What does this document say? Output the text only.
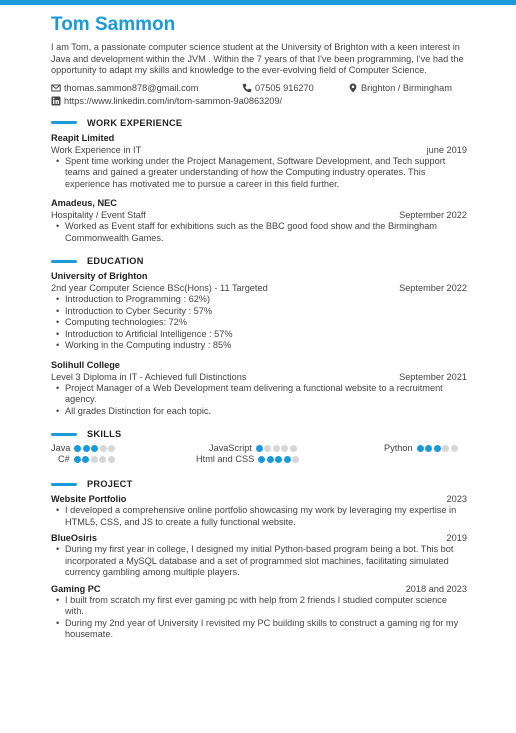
Tom Sammon
I am Tom, a passionate computer science student at the University of Brighton with a keen interest in Java and development within the JVM . Within the 7 years of that I've been programming, I've had the opportunity to adapt my skills and knowledge to the ever-evolving field of Computer Science.
thomas.sammon878@gmail.com	07505 916270	Brighton / Birmingham
https://www.linkedin.com/in/tom-sammon-9a0863209/
WORK EXPERIENCE
Reapit Limited
Work Experience in IT	june 2019
• Spent time working under the Project Management, Software Development, and Tech support teams and gained a greater understanding of how the Computing industry operates. This experience has motivated me to pursue a career in this field further.
Amadeus, NEC
Hospitality / Event Staff	September 2022
• Worked as Event staff for exhibitions such as the BBC good food show and the Birmingham Commonwealth Games.
EDUCATION
University of Brighton
2nd year Computer Science BSc(Hons) - 11 Targeted	September 2022
• Introduction to Programming : 62%)
• Introduction to Cyber Security : 57%
• Computing technologies: 72%
• Introduction to Artificial Intelligence : 57%
• Working in the Computing industry : 85%
Solihull College
Level 3 Diploma in IT - Achieved full Distinctions	September 2021
• Project Manager of a Web Development team delivering a functional website to a recruitment agency.
• All grades Distinction for each topic.
SKILLS
Java	JavaScript	Python
C#	Html and CSS
PROJECT
Website Portfolio	2023
• I developed a comprehensive online portfolio showcasing my work by leveraging my expertise in HTML5, CSS, and JS to create a fully functional website.
BlueOsiris	2019
• During my first year in college, I designed my initial Python-based program being a bot. This bot incorporated a MySQL database and a set of programmed slot machines, facilitating simulated currency gambling among multiple players.
Gaming PC	2018 and 2023
• I built from scratch my first ever gaming pc with help from 2 friends I studied computer science with.
• During my 2nd year of University I revisited my PC building skills to construct a gaming rig for my housemate.
